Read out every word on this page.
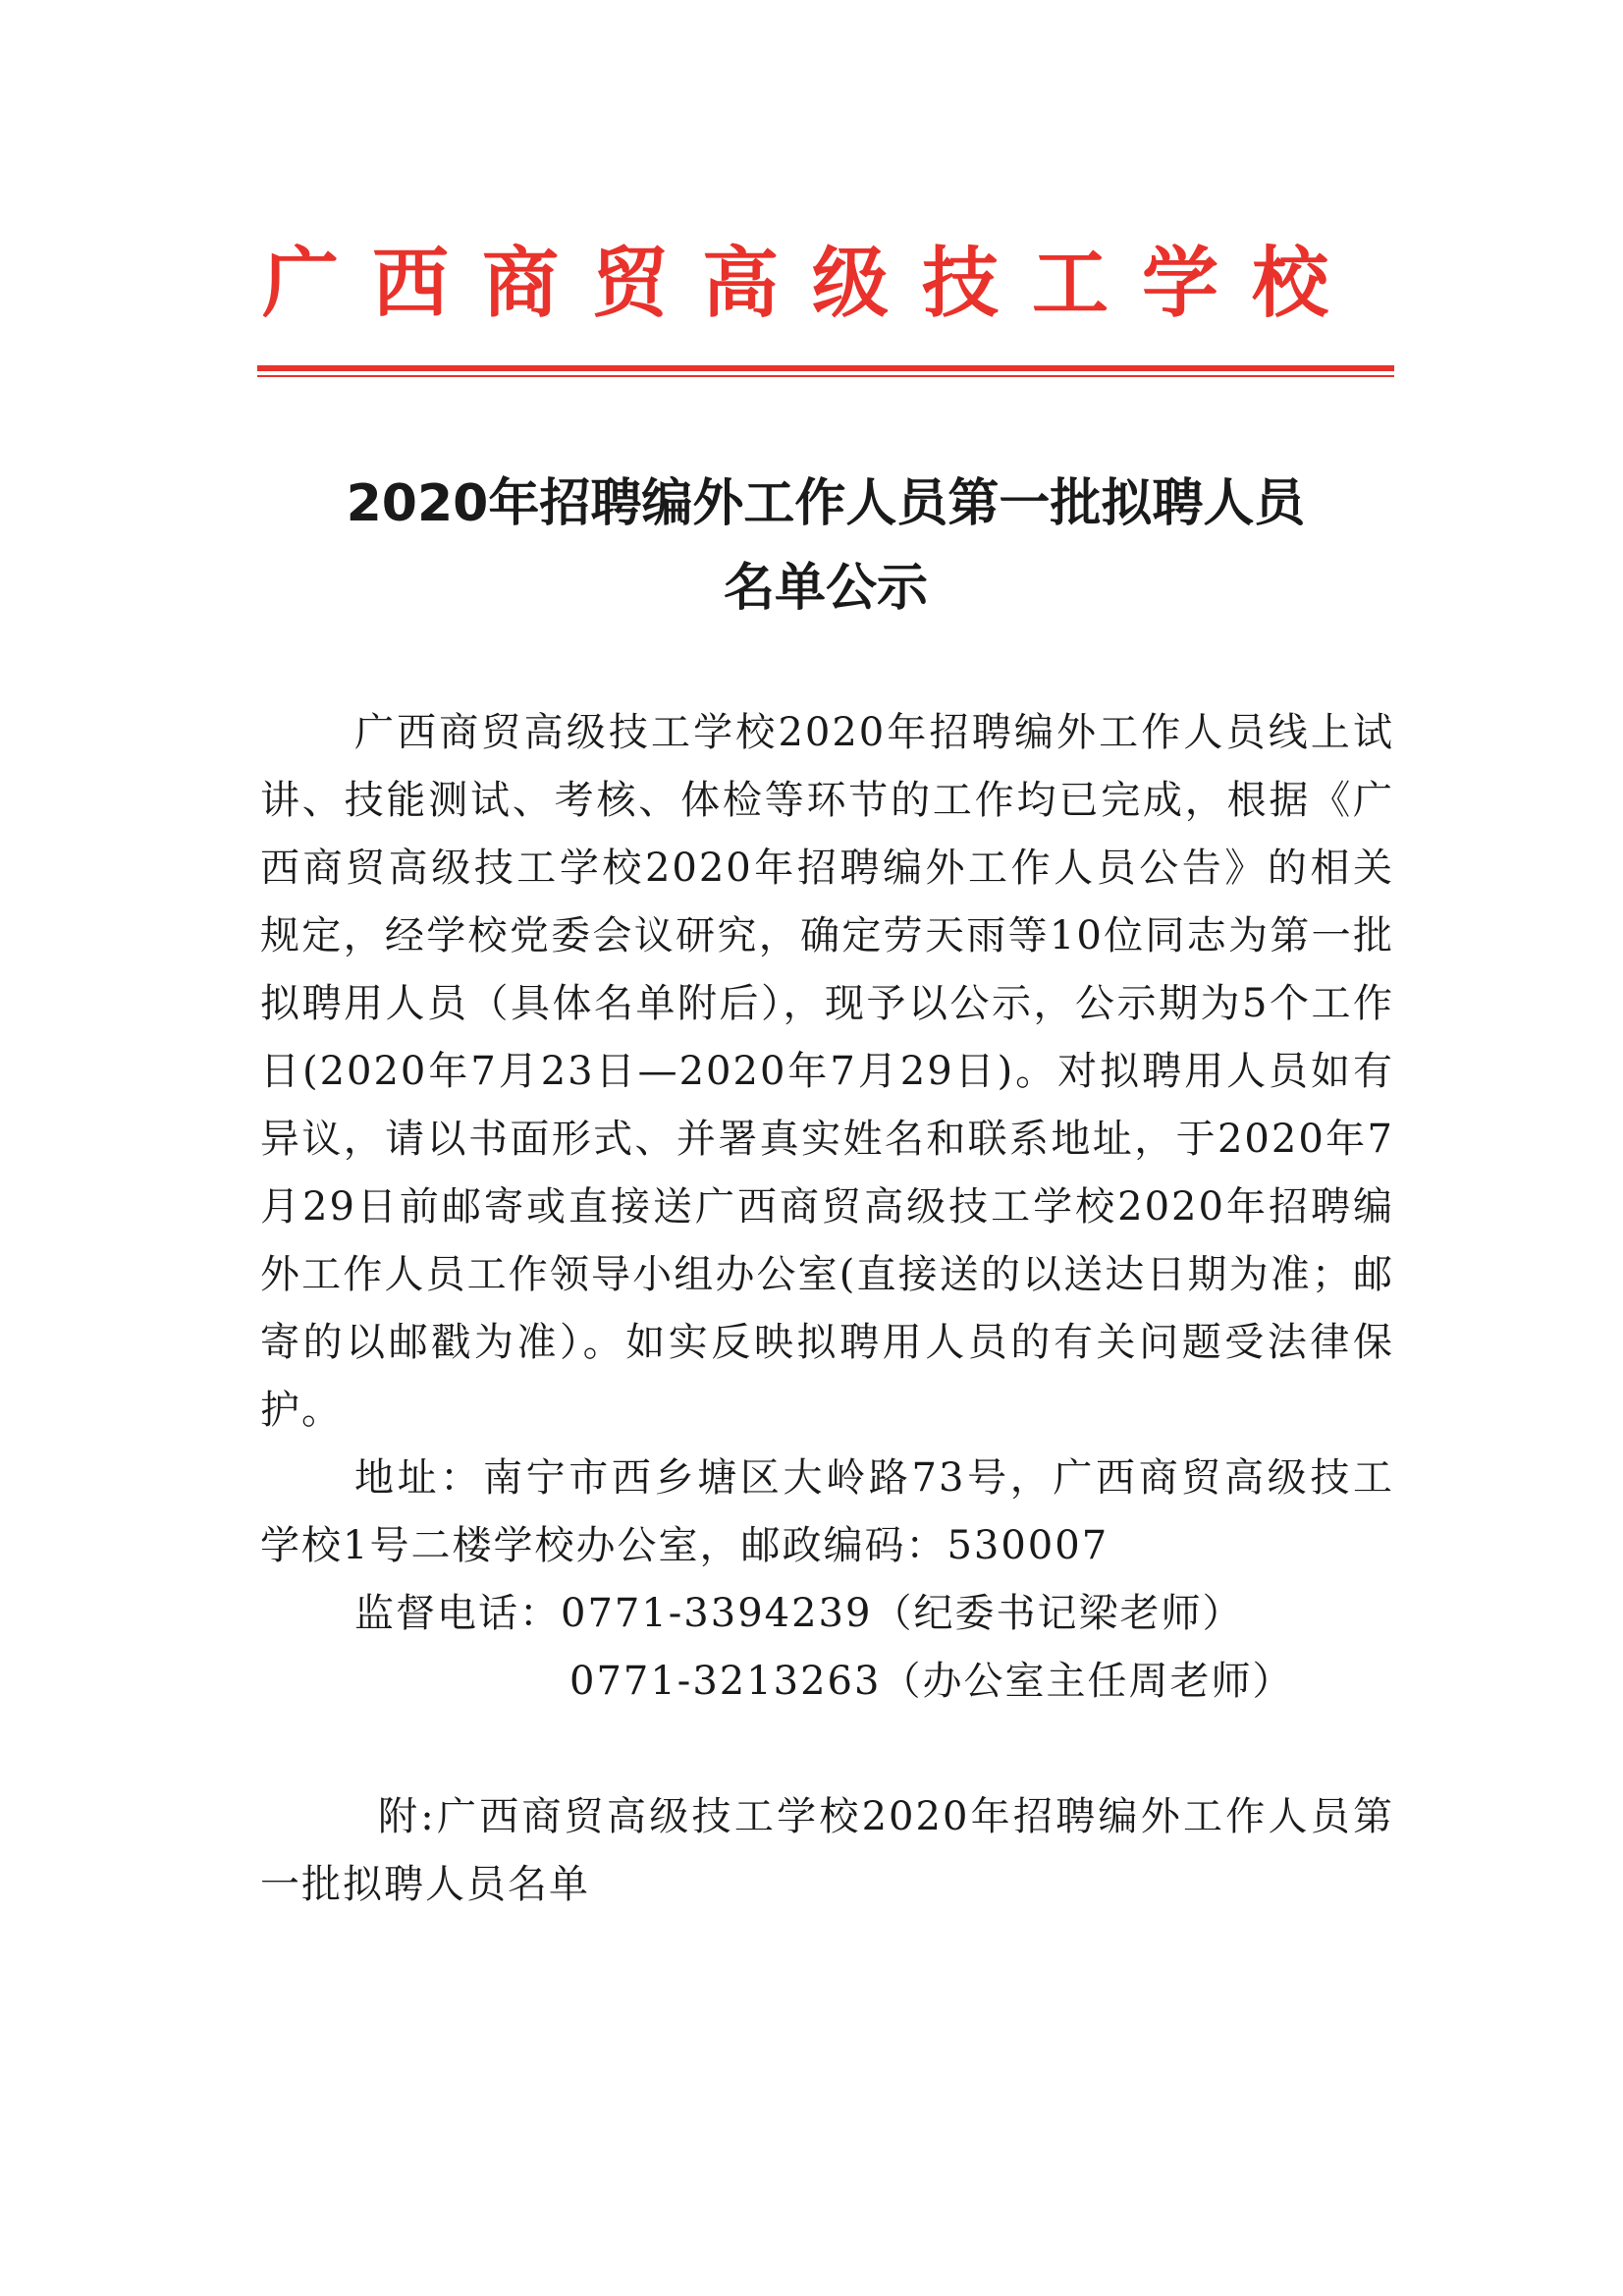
广西商贸高级技工学校
2020年招聘编外工作人员第一批拟聘人员
名单公示

广西商贸高级技工学校2020年招聘编外工作人员线上试讲、技能测试、考核、体检等环节的工作均已完成，根据《广西商贸高级技工学校2020年招聘编外工作人员公告》的相关规定，经学校党委会议研究，确定劳天雨等10位同志为第一批拟聘用人员（具体名单附后），现予以公示，公示期为5个工作日(2020年7月23日—2020年7月29日)。对拟聘用人员如有异议，请以书面形式、并署真实姓名和联系地址，于2020年7月29日前邮寄或直接送广西商贸高级技工学校2020年招聘编外工作人员工作领导小组办公室(直接送的以送达日期为准；邮寄的以邮戳为准）。如实反映拟聘用人员的有关问题受法律保护。

地址：南宁市西乡塘区大岭路73号，广西商贸高级技工学校1号二楼学校办公室，邮政编码：530007

监督电话：0771-3394239（纪委书记梁老师）

0771-3213263（办公室主任周老师）

附:广西商贸高级技工学校2020年招聘编外工作人员第一批拟聘人员名单
